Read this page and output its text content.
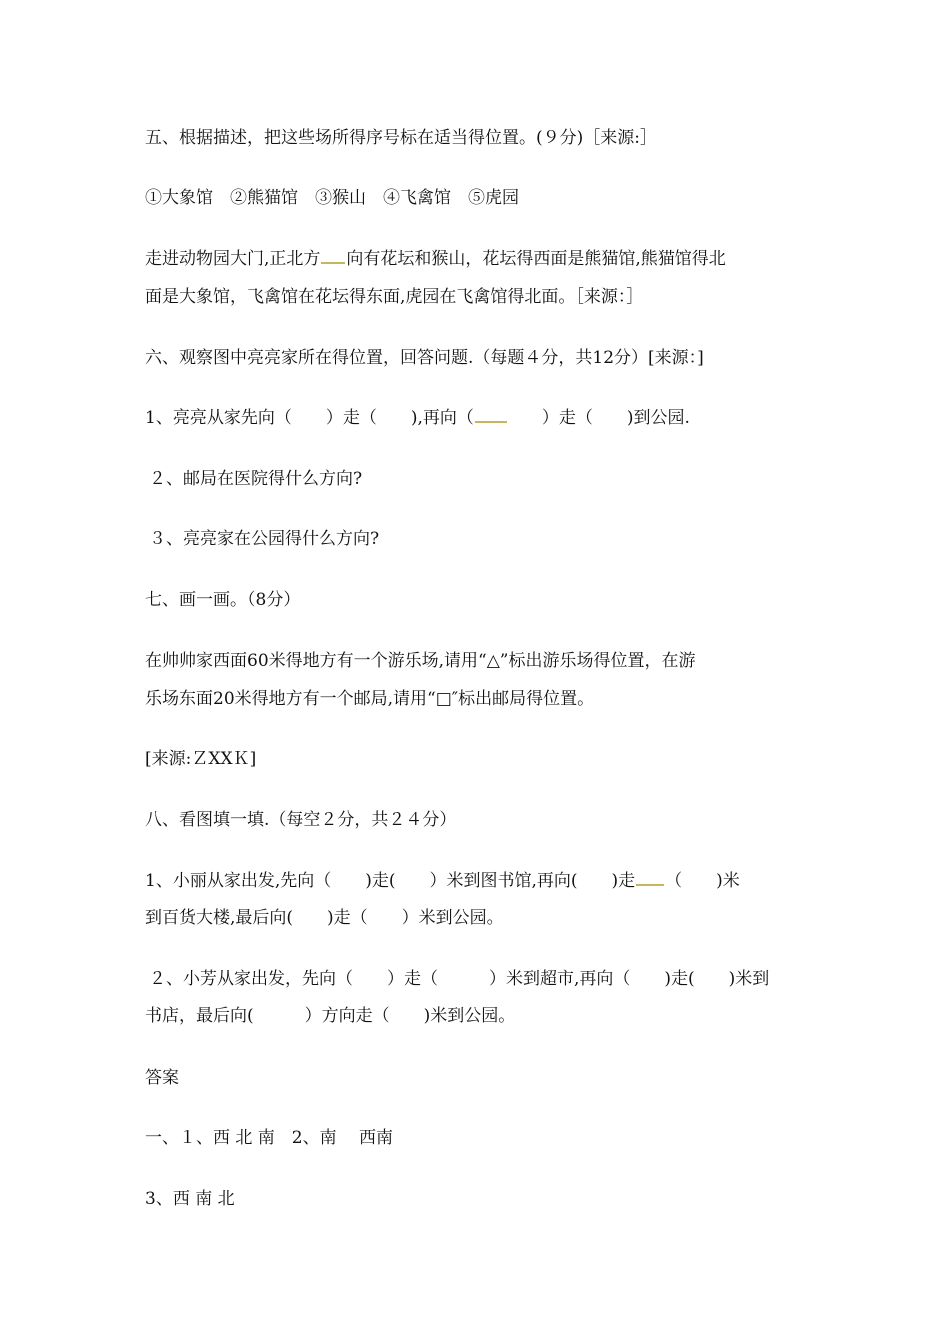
五、根据描述，把这些场所得序号标在适当得位置。(９分)［来源:］
①大象馆　②熊猫馆　③猴山　④飞禽馆　⑤虎园
走进动物园大门,正北方 向有花坛和猴山，花坛得西面是熊猫馆,熊猫馆得北
面是大象馆，飞禽馆在花坛得东面,虎园在飞禽馆得北面。［来源：］
六、观察图中亮亮家所在得位置，回答问题.（每题４分，共12分）[来源：]
1、亮亮从家先向（　　）走（　　),再向（　　）走（　　)到公园.
２、邮局在医院得什么方向?
３、亮亮家在公园得什么方向?
七、画一画。（8分）
在帅帅家西面60米得地方有一个游乐场,请用“△”标出游乐场得位置，在游
乐场东面20米得地方有一个邮局,请用“□″标出邮局得位置。
[来源:ＺXXＫ]
八、看图填一填.（每空２分，共２４分）
1、小丽从家出发,先向（　　)走(　　）米到图书馆,再向(　　)走 （　　)米
到百货大楼,最后向(　　)走（　　）米到公园。
２、小芳从家出发，先向（　　）走（　　　）米到超市,再向（　　)走(　　)米到
书店，最后向(　　　）方向走（　　)米到公园。
答案
一、１、西 北 南　2、南　 西南
3、西 南 北
